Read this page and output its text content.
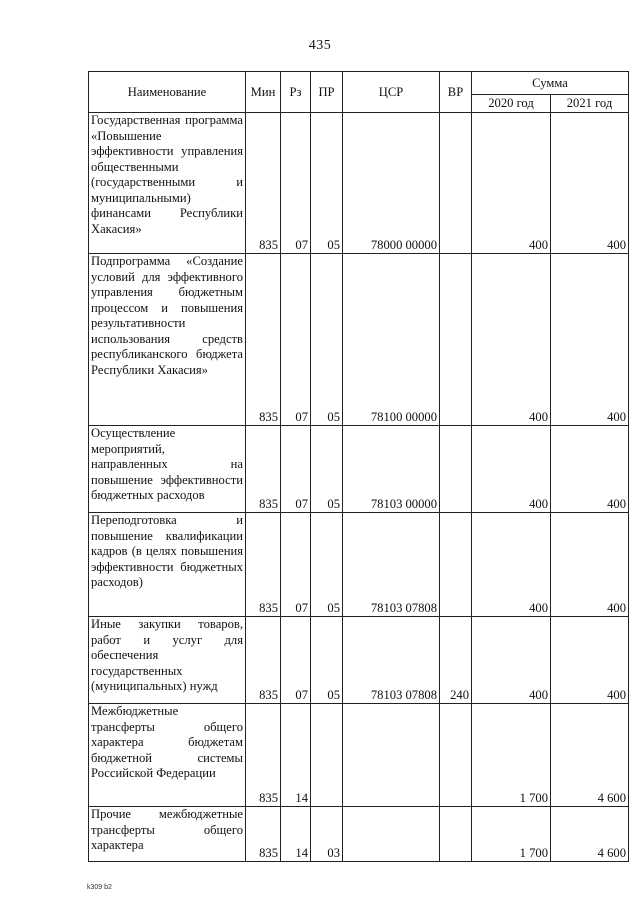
435
Наименование	Мин	Рз	ПР	ЦСР	ВР	Сумма	
						2020 год	2021 год

Государственная программа «Повышение эффективности управления общественными (государственными и муниципальными) финансами Республики Хакасия»	835	07	05	78000 00000		400	400

Подпрограмма «Создание условий для эффективного управления бюджетным процессом и повышения результативности использования средств республиканского бюджета Республики Хакасия»	835	07	05	78100 00000		400	400

Осуществление мероприятий, направленных на повышение эффективности бюджетных расходов	835	07	05	78103 00000		400	400

Переподготовка и повышение квалификации кадров (в целях повышения эффективности бюджетных расходов)	835	07	05	78103 07808		400	400

Иные закупки товаров, работ и услуг для обеспечения государственных (муниципальных) нужд	835	07	05	78103 07808	240	400	400

Межбюджетные трансферты общего характера бюджетам бюджетной системы Российской Федерации	835	14				1 700	4 600

Прочие межбюджетные трансферты общего характера	835	14	03			1 700	4 600
k309 b2
